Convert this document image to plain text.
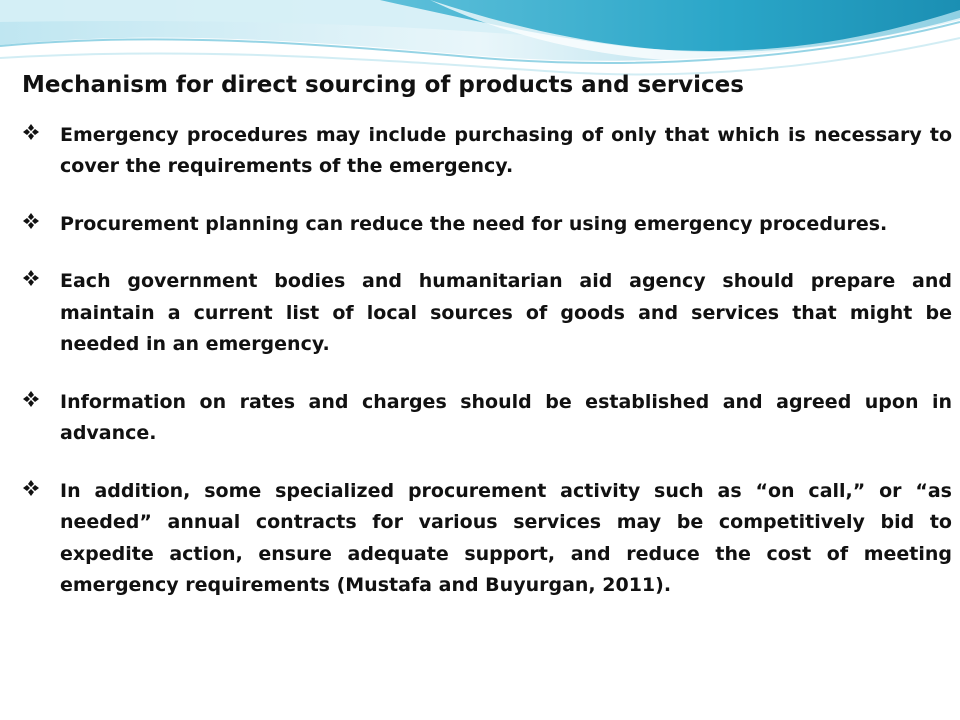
Mechanism for direct sourcing of products and services
Emergency procedures may include purchasing of only that which is necessary to cover the requirements of the emergency.
Procurement planning can reduce the need for using emergency procedures.
Each government bodies and humanitarian aid agency should prepare and maintain a current list of local sources of goods and services that might be needed in an emergency.
Information on rates and charges should be established and agreed upon in advance.
In addition, some specialized procurement activity such as “on call,” or “as needed” annual contracts for various services may be competitively bid to expedite action, ensure adequate support, and reduce the cost of meeting emergency requirements (Mustafa and Buyurgan, 2011).
